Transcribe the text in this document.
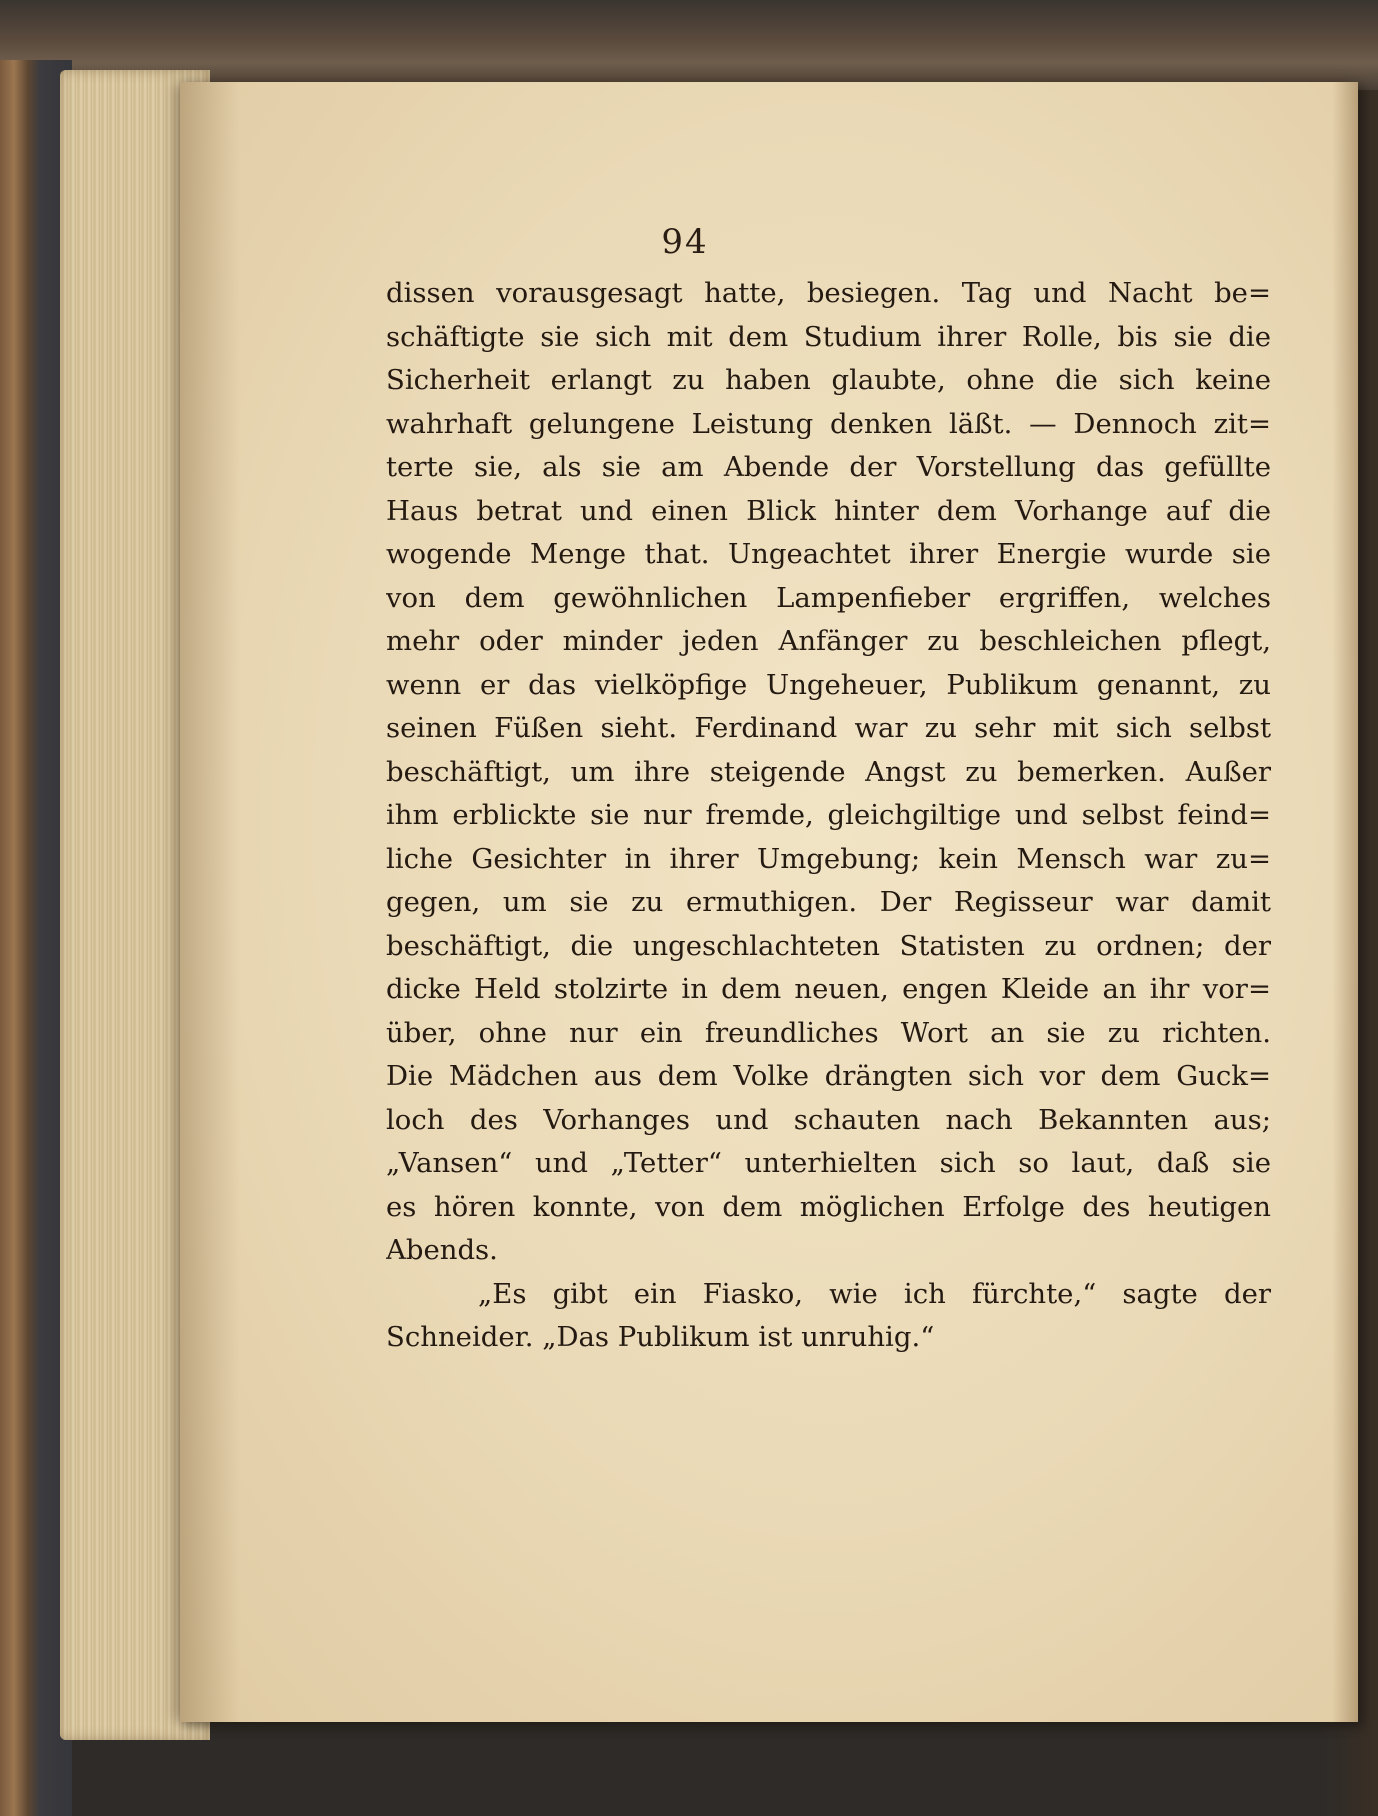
94
dissen vorausgesagt hatte, besiegen. Tag und Nacht be=
schäftigte sie sich mit dem Studium ihrer Rolle, bis sie die
Sicherheit erlangt zu haben glaubte, ohne die sich keine
wahrhaft gelungene Leistung denken läßt. — Dennoch zit=
terte sie, als sie am Abende der Vorstellung das gefüllte
Haus betrat und einen Blick hinter dem Vorhange auf die
wogende Menge that. Ungeachtet ihrer Energie wurde sie
von dem gewöhnlichen Lampenfieber ergriffen, welches
mehr oder minder jeden Anfänger zu beschleichen pflegt,
wenn er das vielköpfige Ungeheuer, Publikum genannt, zu
seinen Füßen sieht. Ferdinand war zu sehr mit sich selbst
beschäftigt, um ihre steigende Angst zu bemerken. Außer
ihm erblickte sie nur fremde, gleichgiltige und selbst feind=
liche Gesichter in ihrer Umgebung; kein Mensch war zu=
gegen, um sie zu ermuthigen. Der Regisseur war damit
beschäftigt, die ungeschlachteten Statisten zu ordnen; der
dicke Held stolzirte in dem neuen, engen Kleide an ihr vor=
über, ohne nur ein freundliches Wort an sie zu richten.
Die Mädchen aus dem Volke drängten sich vor dem Guck=
loch des Vorhanges und schauten nach Bekannten aus;
„Vansen“ und „Tetter“ unterhielten sich so laut, daß sie
es hören konnte, von dem möglichen Erfolge des heutigen
Abends.
„Es gibt ein Fiasko, wie ich fürchte,“ sagte der
Schneider. „Das Publikum ist unruhig.“
